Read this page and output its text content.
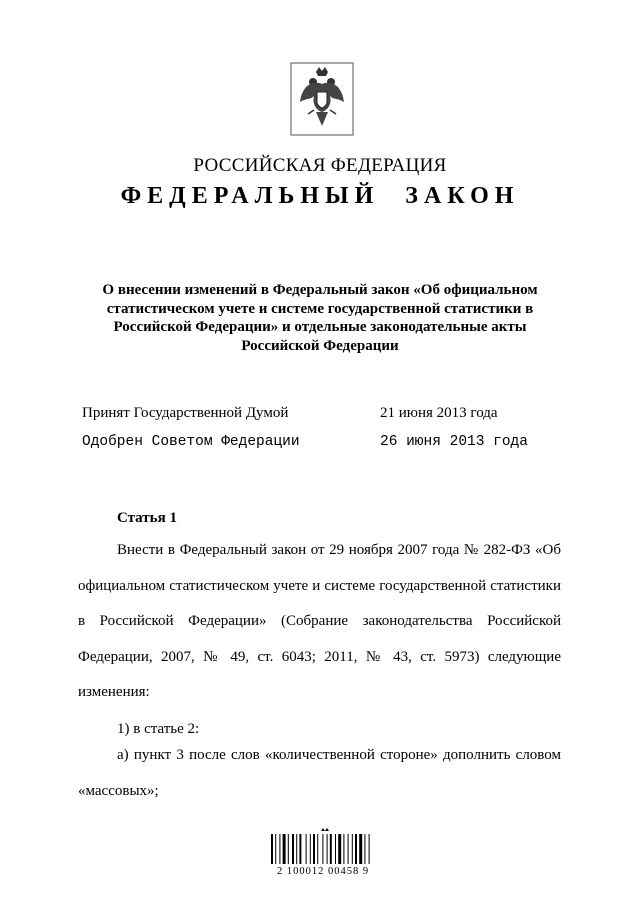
РОССИЙСКАЯ ФЕДЕРАЦИЯ
ФЕДЕРАЛЬНЫЙ ЗАКОН
О внесении изменений в Федеральный закон «Об официальном статистическом учете и системе государственной статистики в Российской Федерации» и отдельные законодательные акты Российской Федерации
Принят Государственной Думой	21 июня 2013 года
Одобрен Советом Федерации	26 июня 2013 года
Статья 1
Внести в Федеральный закон от 29 ноября 2007 года № 282-ФЗ «Об официальном статистическом учете и системе государственной статистики в Российской Федерации» (Собрание законодательства Российской Федерации, 2007, № 49, ст. 6043; 2011, № 43, ст. 5973) следующие изменения:
1) в статье 2:
а) пункт 3 после слов «количественной стороне» дополнить словом «массовых»;
2 100012 00458 9
